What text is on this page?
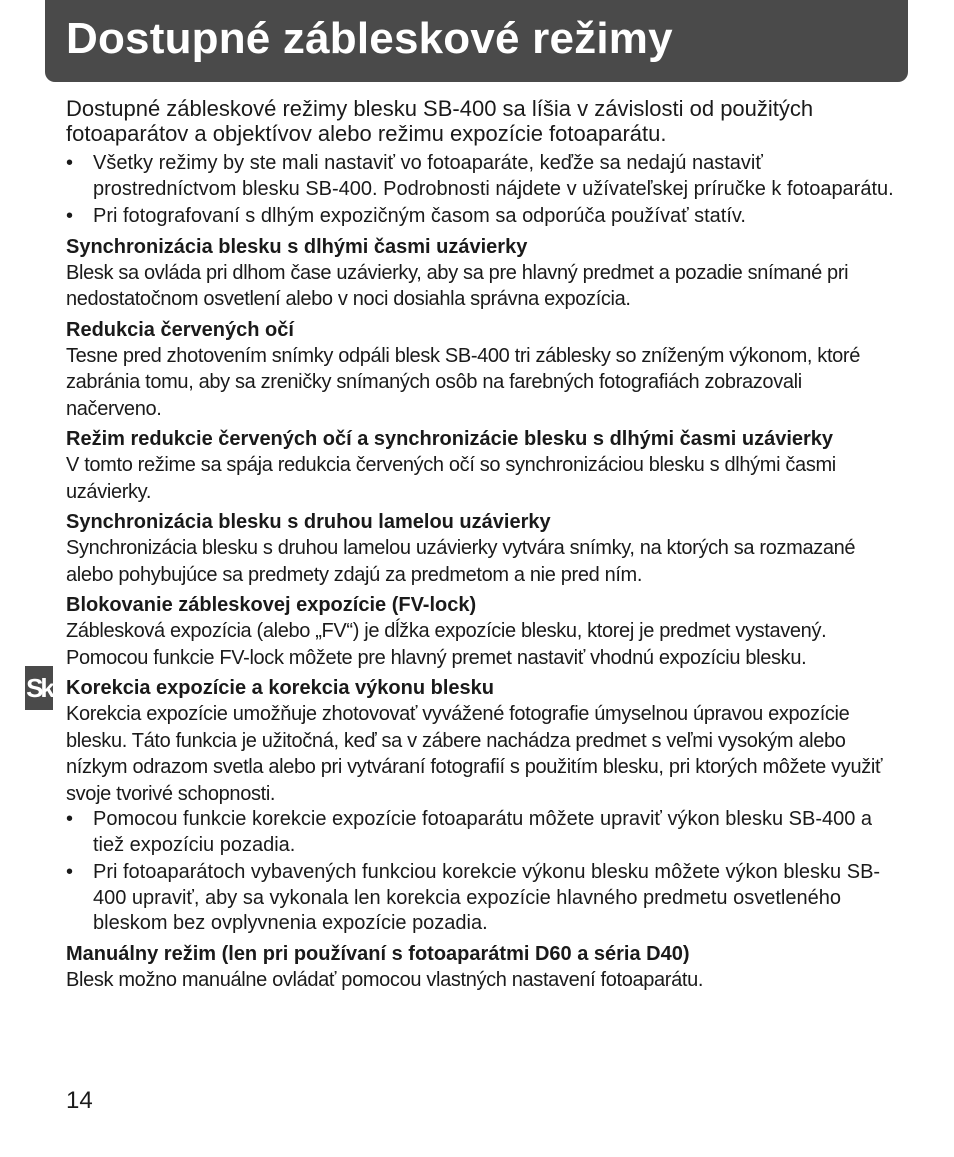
Dostupné zábleskové režimy

Dostupné zábleskové režimy blesku SB-400 sa líšia v závislosti od použitých fotoaparátov a objektívov alebo režimu expozície fotoaparátu.

• Všetky režimy by ste mali nastaviť vo fotoaparáte, keďže sa nedajú nastaviť prostredníctvom blesku SB-400. Podrobnosti nájdete v užívateľskej príručke k fotoaparátu.
• Pri fotografovaní s dlhým expozičným časom sa odporúča používať statív.
Synchronizácia blesku s dlhými časmi uzávierky

Blesk sa ovláda pri dlhom čase uzávierky, aby sa pre hlavný predmet a pozadie snímané pri nedostatočnom osvetlení alebo v noci dosiahla správna expozícia.

Redukcia červených očí

Tesne pred zhotovením snímky odpáli blesk SB-400 tri záblesky so zníženým výkonom, ktoré zabránia tomu, aby sa zreničky snímaných osôb na farebných fotografiách zobrazovali načerveno.

Režim redukcie červených očí a synchronizácie blesku s dlhými časmi uzávierky

V tomto režime sa spája redukcia červených očí so synchronizáciou blesku s dlhými časmi uzávierky.

Synchronizácia blesku s druhou lamelou uzávierky

Synchronizácia blesku s druhou lamelou uzávierky vytvára snímky, na ktorých sa rozmazané alebo pohybujúce sa predmety zdajú za predmetom a nie pred ním.

Blokovanie zábleskovej expozície (FV-lock)

Záblesková expozícia (alebo „FV“) je dĺžka expozície blesku, ktorej je predmet vystavený. Pomocou funkcie FV-lock môžete pre hlavný premet nastaviť vhodnú expozíciu blesku.

Korekcia expozície a korekcia výkonu blesku

Korekcia expozície umožňuje zhotovovať vyvážené fotografie úmyselnou úpravou expozície blesku. Táto funkcia je užitočná, keď sa v zábere nachádza predmet s veľmi vysokým alebo nízkym odrazom svetla alebo pri vytváraní fotografií s použitím blesku, pri ktorých môžete využiť svoje tvorivé schopnosti.

• Pomocou funkcie korekcie expozície fotoaparátu môžete upraviť výkon blesku SB-400 a tiež expozíciu pozadia.
• Pri fotoaparátoch vybavených funkciou korekcie výkonu blesku môžete výkon blesku SB-400 upraviť, aby sa vykonala len korekcia expozície hlavného predmetu osvetleného bleskom bez ovplyvnenia expozície pozadia.
Manuálny režim (len pri používaní s fotoaparátmi D60 a séria D40)

Blesk možno manuálne ovládať pomocou vlastných nastavení fotoaparátu.

Sk
14
